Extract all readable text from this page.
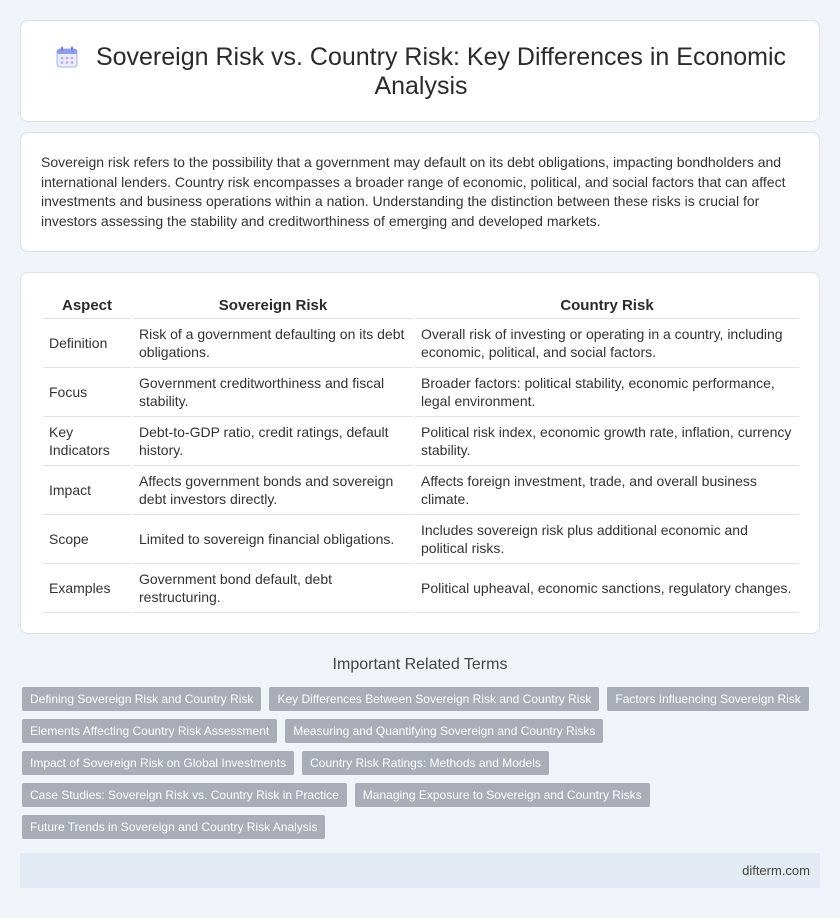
Sovereign Risk vs. Country Risk: Key Differences in Economic Analysis

Sovereign risk refers to the possibility that a government may default on its debt obligations, impacting bondholders and international lenders. Country risk encompasses a broader range of economic, political, and social factors that can affect investments and business operations within a nation. Understanding the distinction between these risks is crucial for investors assessing the stability and creditworthiness of emerging and developed markets.

Aspect	Sovereign Risk	Country Risk
Definition	Risk of a government defaulting on its debt obligations.	Overall risk of investing or operating in a country, including economic, political, and social factors.
Focus	Government creditworthiness and fiscal stability.	Broader factors: political stability, economic performance, legal environment.
Key Indicators	Debt-to-GDP ratio, credit ratings, default history.	Political risk index, economic growth rate, inflation, currency stability.
Impact	Affects government bonds and sovereign debt investors directly.	Affects foreign investment, trade, and overall business climate.
Scope	Limited to sovereign financial obligations.	Includes sovereign risk plus additional economic and political risks.
Examples	Government bond default, debt restructuring.	Political upheaval, economic sanctions, regulatory changes.
Important Related Terms
Defining Sovereign Risk and Country Risk	Key Differences Between Sovereign Risk and Country Risk	Factors Influencing Sovereign Risk
Elements Affecting Country Risk Assessment	Measuring and Quantifying Sovereign and Country Risks
Impact of Sovereign Risk on Global Investments	Country Risk Ratings: Methods and Models
Case Studies: Sovereign Risk vs. Country Risk in Practice	Managing Exposure to Sovereign and Country Risks
Future Trends in Sovereign and Country Risk Analysis
difterm.com
